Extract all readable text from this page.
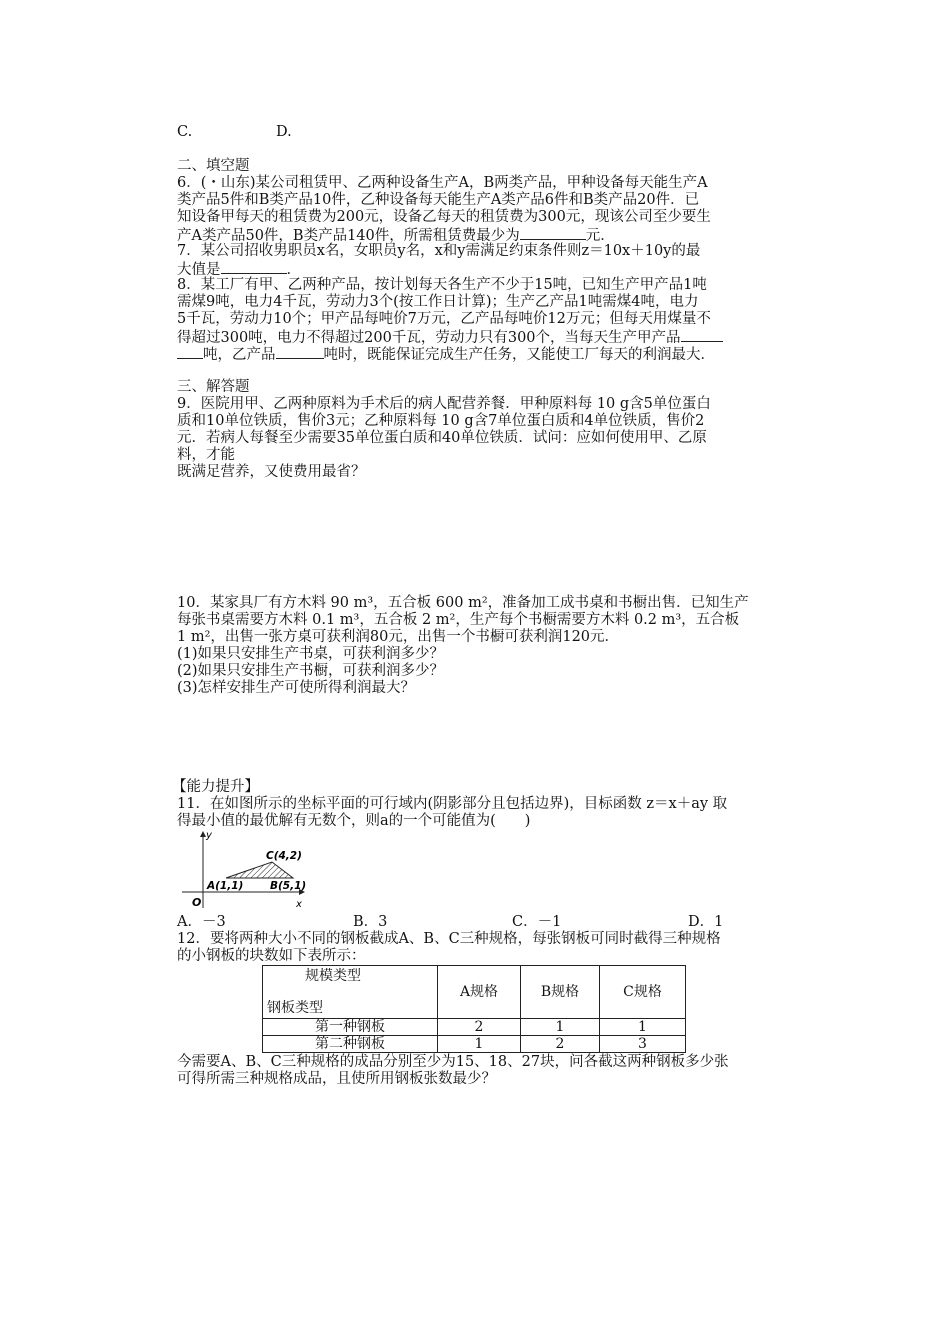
C.	D.
二、填空题
6．(・山东)某公司租赁甲、乙两种设备生产A，B两类产品，甲种设备每天能生产A
类产品5件和B类产品10件，乙种设备每天能生产A类产品6件和B类产品20件．已
知设备甲每天的租赁费为200元，设备乙每天的租赁费为300元，现该公司至少要生
产A类产品50件，B类产品140件，所需租赁费最少为	元．
7．某公司招收男职员x名，女职员y名，x和y需满足约束条件则z＝10x＋10y的最
大值是	．
8．某工厂有甲、乙两种产品，按计划每天各生产不少于15吨，已知生产甲产品1吨
需煤9吨，电力4千瓦，劳动力3个(按工作日计算)；生产乙产品1吨需煤4吨，电力
5千瓦，劳动力10个；甲产品每吨价7万元，乙产品每吨价12万元；但每天用煤量不
得超过300吨，电力不得超过200千瓦，劳动力只有300个，当每天生产甲产品
吨，乙产品	吨时，既能保证完成生产任务，又能使工厂每天的利润最大．
三、解答题
9．医院用甲、乙两种原料为手术后的病人配营养餐．甲种原料每 10 g含5单位蛋白
质和10单位铁质，售价3元；乙种原料每 10 g含7单位蛋白质和4单位铁质，售价2
元．若病人每餐至少需要35单位蛋白质和40单位铁质．试问：应如何使用甲、乙原
料，才能
既满足营养，又使费用最省？
10．某家具厂有方木料 90 m³，五合板 600 m²，准备加工成书桌和书橱出售．已知生产
每张书桌需要方木料 0.1 m³，五合板 2 m²，生产每个书橱需要方木料 0.2 m³，五合板
1 m²，出售一张方桌可获利润80元，出售一个书橱可获利润120元．
(1)如果只安排生产书桌，可获利润多少？
(2)如果只安排生产书橱，可获利润多少？
(3)怎样安排生产可使所得利润最大？
【能力提升】
11．在如图所示的坐标平面的可行域内(阴影部分且包括边界)，目标函数 z＝x＋ay 取
得最小值的最优解有无数个，则a的一个可能值为(　　)
y
x
O
A(1,1)	B(5,1)
C(4,2)
A．－3	B．3	C．－1	D．1
12．要将两种大小不同的钢板截成A、B、C三种规格，每张钢板可同时截得三种规格
的小钢板的块数如下表所示：
规模类型
钢板类型	A规格	B规格	C规格
第一种钢板	2	1	1
第二种钢板	1	2	3
今需要A、B、C三种规格的成品分别至少为15、18、27块，问各截这两种钢板多少张
可得所需三种规格成品，且使所用钢板张数最少？
